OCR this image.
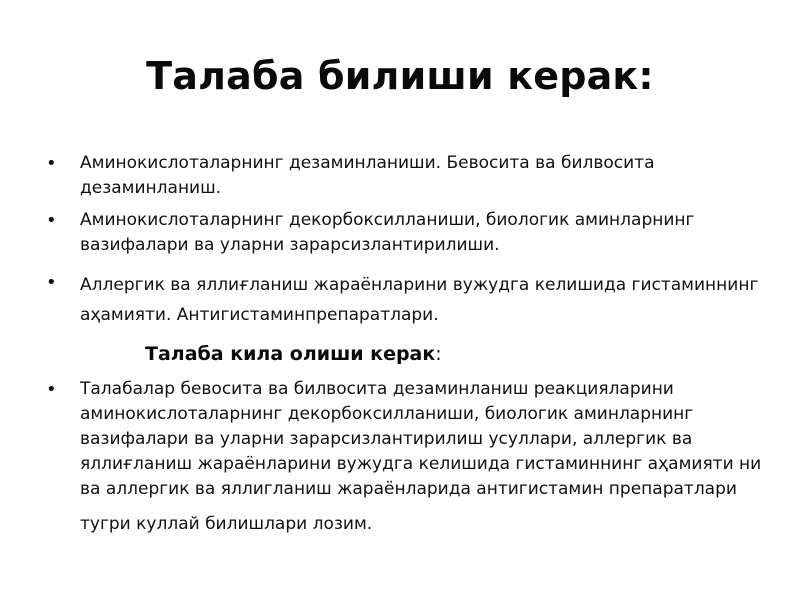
Талаба билиши керак:
• Аминокислоталарнинг дезаминланиши. Бевосита ва билвосита дезаминланиш.
• Аминокислоталарнинг декорбоксилланиши, биологик аминларнинг вазифалари ва уларни зарарсизлантирилиши.
• Аллергик ва яллиғланиш жараёнларини вужудга келишида гистаминнинг аҳамияти. Антигистаминпрепаратлари.
Талаба кила олиши керак:
• Талабалар бевосита ва билвосита дезаминланиш реакцияларини аминокислоталарнинг декорбоксилланиши, биологик аминларнинг вазифалари ва уларни зарарсизлантирилиш усуллари, аллергик ва яллиғланиш жараёнларини вужудга келишида гистаминнинг аҳамияти ни ва аллергик ва яллиглaниш жараёнларида антигистамин препаратлари
тугри куллай билишлари лозим.
